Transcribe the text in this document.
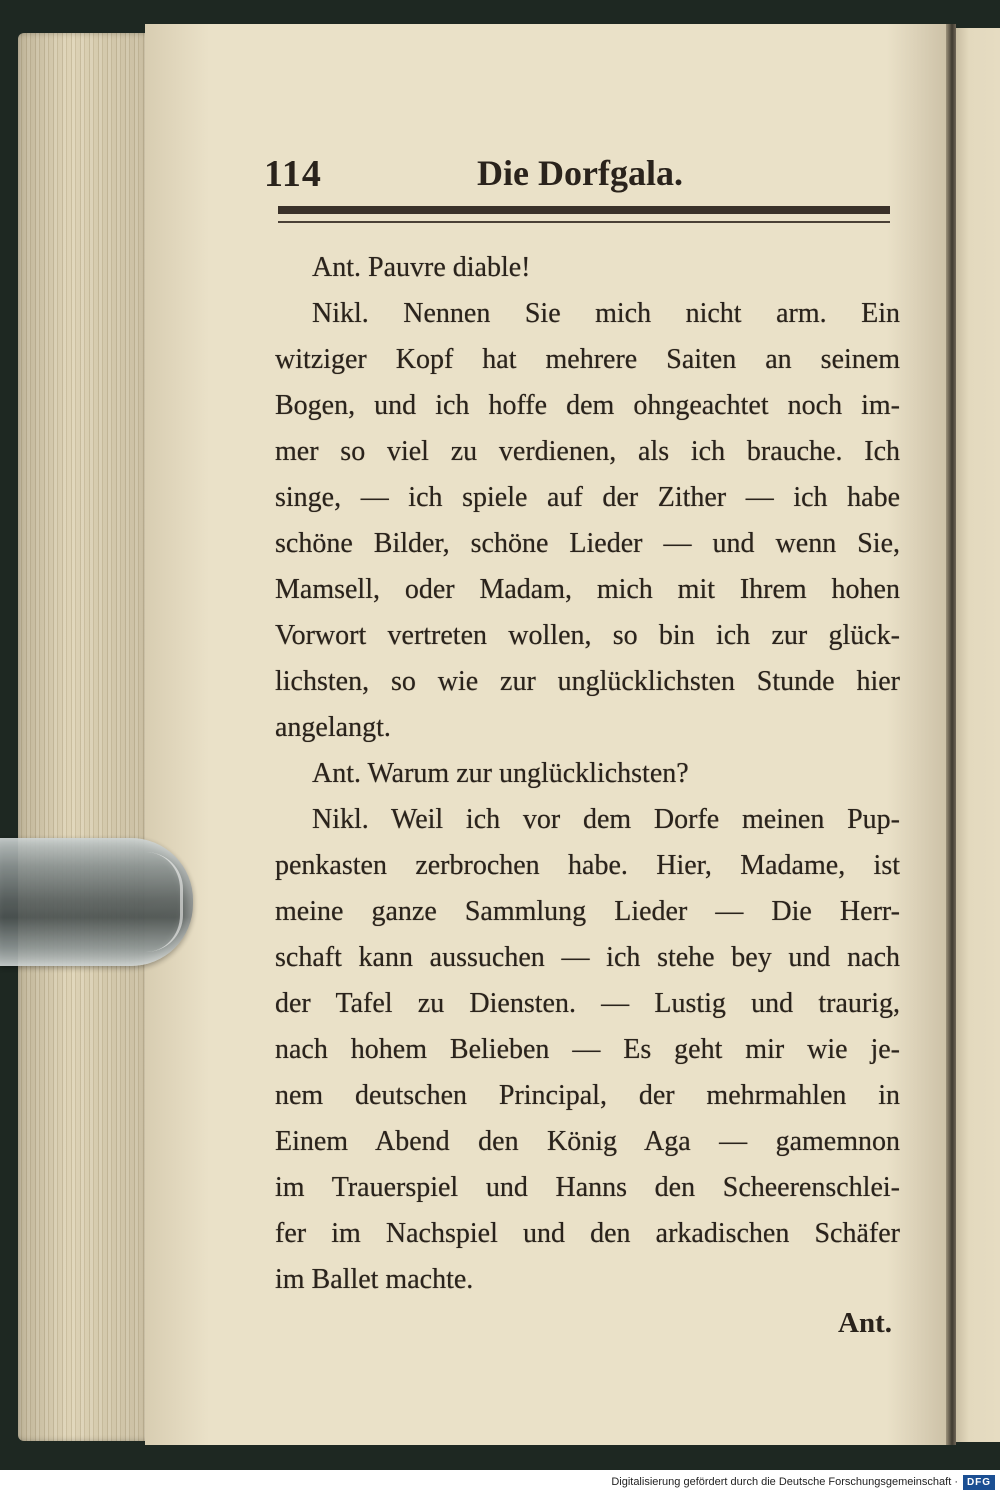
114	Die Dorfgala.
Ant. Pauvre diable!
Nikl. Nennen Sie mich nicht arm. Ein
witziger Kopf hat mehrere Saiten an seinem
Bogen, und ich hoffe dem ohngeachtet noch im-
mer so viel zu verdienen, als ich brauche. Ich
singe, — ich spiele auf der Zither — ich habe
schöne Bilder, schöne Lieder — und wenn Sie,
Mamsell, oder Madam, mich mit Ihrem hohen
Vorwort vertreten wollen, so bin ich zur glück-
lichsten, so wie zur unglücklichsten Stunde hier
angelangt.
Ant. Warum zur unglücklichsten?
Nikl. Weil ich vor dem Dorfe meinen Pup-
penkasten zerbrochen habe. Hier, Madame, ist
meine ganze Sammlung Lieder — Die Herr-
schaft kann aussuchen — ich stehe bey und nach
der Tafel zu Diensten. — Lustig und traurig,
nach hohem Belieben — Es geht mir wie je-
nem deutschen Principal, der mehrmahlen in
Einem Abend den König Aga — gamemnon
im Trauerspiel und Hanns den Scheerenschlei-
fer im Nachspiel und den arkadischen Schäfer
im Ballet machte.
Ant.
Digitalisierung gefördert durch die Deutsche Forschungsgemeinschaft · DFG
